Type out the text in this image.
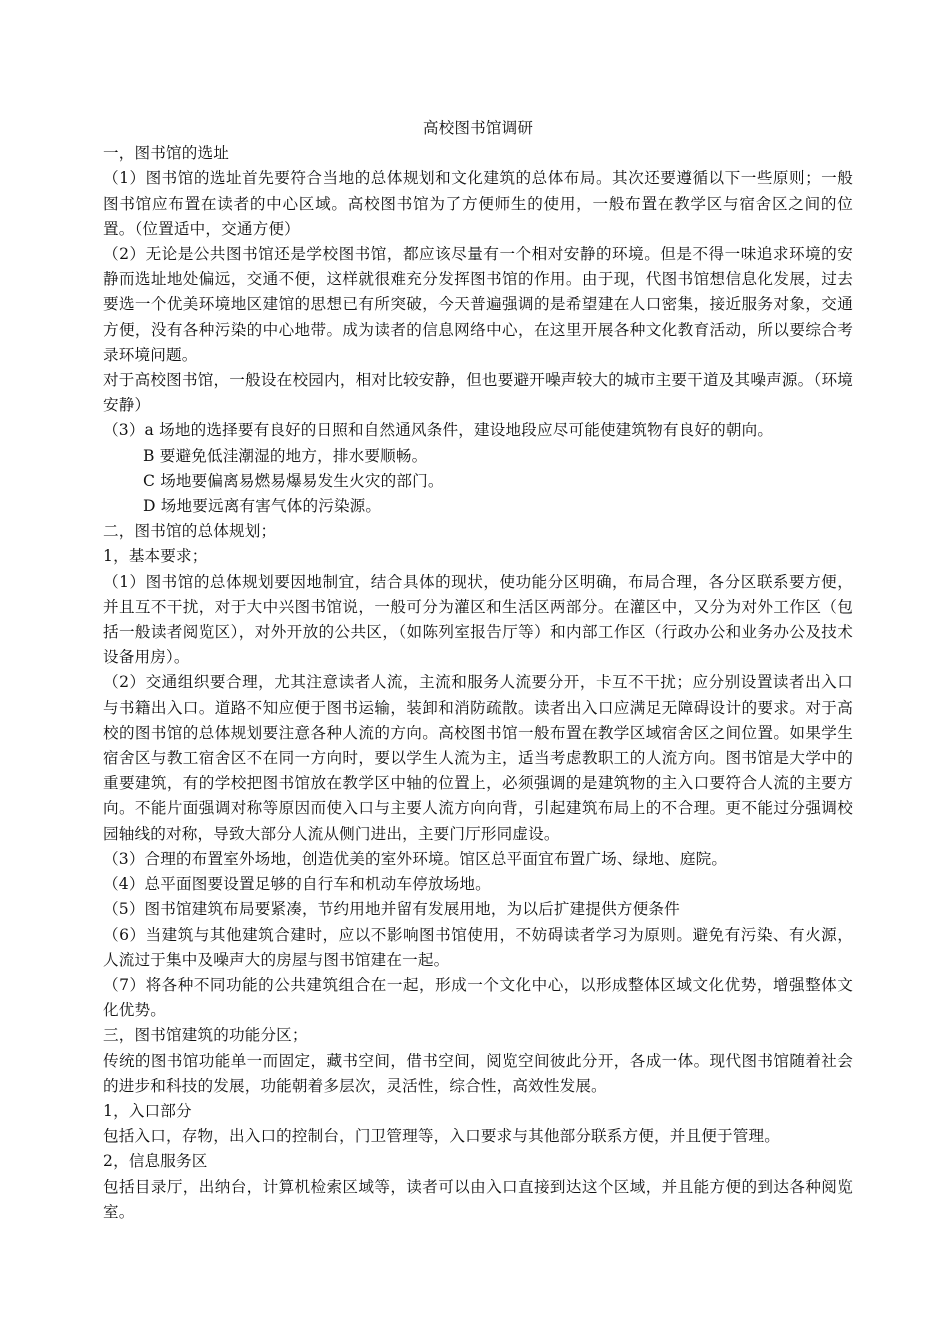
高校图书馆调研

一，图书馆的选址

（1）图书馆的选址首先要符合当地的总体规划和文化建筑的总体布局。其次还要遵循以下一些原则；一般图书馆应布置在读者的中心区域。高校图书馆为了方便师生的使用，一般布置在教学区与宿舍区之间的位置。（位置适中，交通方便）

（2）无论是公共图书馆还是学校图书馆，都应该尽量有一个相对安静的环境。但是不得一味追求环境的安静而选址地处偏远，交通不便，这样就很难充分发挥图书馆的作用。由于现，代图书馆想信息化发展，过去要选一个优美环境地区建馆的思想已有所突破，今天普遍强调的是希望建在人口密集，接近服务对象，交通方便，没有各种污染的中心地带。成为读者的信息网络中心，在这里开展各种文化教育活动，所以要综合考录环境问题。

对于高校图书馆，一般设在校园内，相对比较安静，但也要避开噪声较大的城市主要干道及其噪声源。（环境安静）

（3）a 场地的选择要有良好的日照和自然通风条件，建设地段应尽可能使建筑物有良好的朝向。

B 要避免低洼潮湿的地方，排水要顺畅。

C 场地要偏离易燃易爆易发生火灾的部门。

D 场地要远离有害气体的污染源。

二，图书馆的总体规划；

1，基本要求；

（1）图书馆的总体规划要因地制宜，结合具体的现状，使功能分区明确，布局合理，各分区联系要方便，并且互不干扰，对于大中兴图书馆说，一般可分为灌区和生活区两部分。在灌区中，又分为对外工作区（包括一般读者阅览区），对外开放的公共区，（如陈列室报告厅等）和内部工作区（行政办公和业务办公及技术设备用房）。

（2）交通组织要合理，尤其注意读者人流，主流和服务人流要分开，卡互不干扰；应分别设置读者出入口与书籍出入口。道路不知应便于图书运输，装卸和消防疏散。读者出入口应满足无障碍设计的要求。对于高校的图书馆的总体规划要注意各种人流的方向。高校图书馆一般布置在教学区域宿舍区之间位置。如果学生宿舍区与教工宿舍区不在同一方向时，要以学生人流为主，适当考虑教职工的人流方向。图书馆是大学中的重要建筑，有的学校把图书馆放在教学区中轴的位置上，必须强调的是建筑物的主入口要符合人流的主要方向。不能片面强调对称等原因而使入口与主要人流方向向背，引起建筑布局上的不合理。更不能过分强调校园轴线的对称，导致大部分人流从侧门进出，主要门厅形同虚设。

（3）合理的布置室外场地，创造优美的室外环境。馆区总平面宜布置广场、绿地、庭院。

（4）总平面图要设置足够的自行车和机动车停放场地。

（5）图书馆建筑布局要紧凑，节约用地并留有发展用地，为以后扩建提供方便条件

（6）当建筑与其他建筑合建时，应以不影响图书馆使用，不妨碍读者学习为原则。避免有污染、有火源，人流过于集中及噪声大的房屋与图书馆建在一起。

（7）将各种不同功能的公共建筑组合在一起，形成一个文化中心，以形成整体区域文化优势，增强整体文化优势。

三，图书馆建筑的功能分区；

传统的图书馆功能单一而固定，藏书空间，借书空间，阅览空间彼此分开，各成一体。现代图书馆随着社会的进步和科技的发展，功能朝着多层次，灵活性，综合性，高效性发展。

1，入口部分

包括入口，存物，出入口的控制台，门卫管理等，入口要求与其他部分联系方便，并且便于管理。

2，信息服务区

包括目录厅，出纳台，计算机检索区域等，读者可以由入口直接到达这个区域，并且能方便的到达各种阅览室。
